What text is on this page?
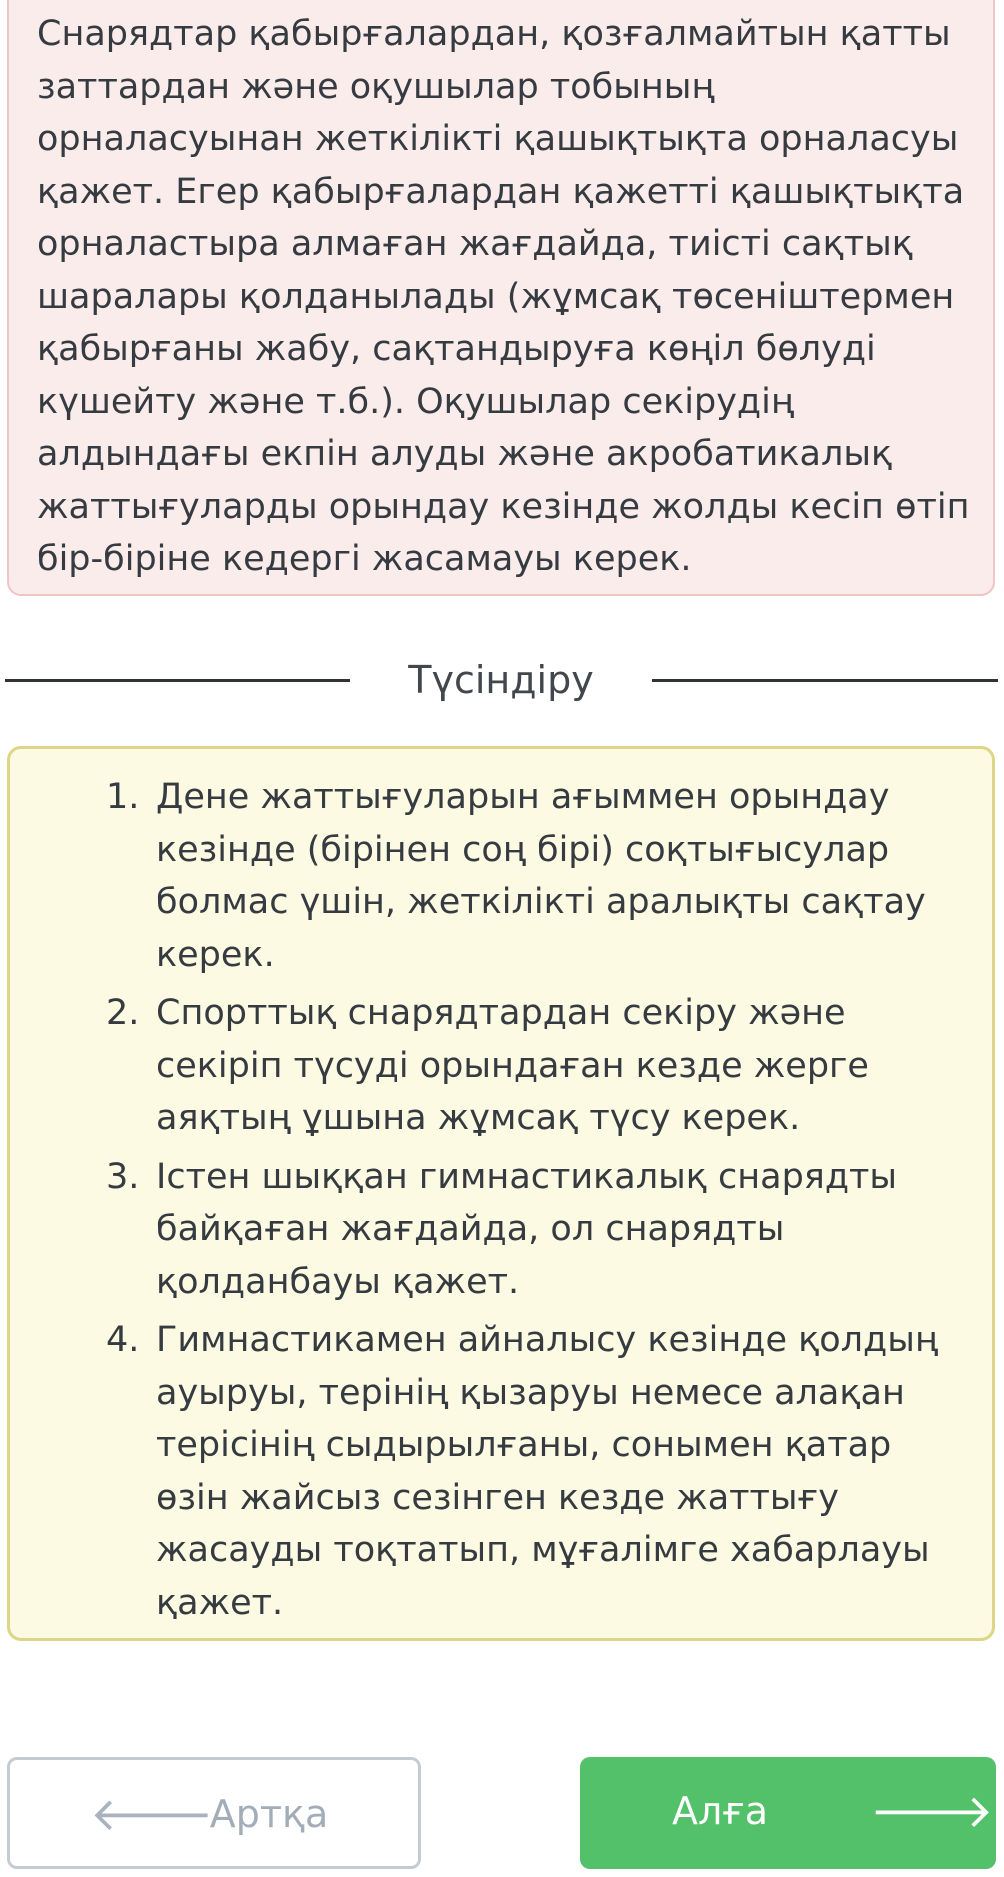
Снарядтар қабырғалардан, қозғалмайтын қатты заттардан және оқушылар тобының орналасуынан жеткілікті қашықтықта орналасуы қажет. Егер қабырғалардан қажетті қашықтықта орналастыра алмаған жағдайда, тиісті сақтық шаралары қолданылады (жұмсақ төсеніштермен қабырғаны жабу, сақтандыруға көңіл бөлуді күшейту және т.б.). Оқушылар секірудің алдындағы екпін алуды және акробатикалық жаттығуларды орындау кезінде жолды кесіп өтіп бір-біріне кедергі жасамауы керек.

Түсіндіру
1. Дене жаттығуларын ағыммен орындау кезінде (бірінен соң бірі) соқтығысулар болмас үшін, жеткілікті аралықты сақтау керек.
2. Спорттық снарядтардан секіру және секіріп түсуді орындаған кезде жерге аяқтың ұшына жұмсақ түсу керек.
3. Істен шыққан гимнастикалық снарядты байқаған жағдайда, ол снарядты қолданбауы қажет.
4. Гимнастикамен айналысу кезінде қолдың ауыруы, терінің қызаруы немесе алақан терісінің сыдырылғаны, сонымен қатар өзін жайсыз сезінген кезде жаттығу жасауды тоқтатып, мұғалімге хабарлауы қажет.
🡐
Артқа	Алға	🡒
